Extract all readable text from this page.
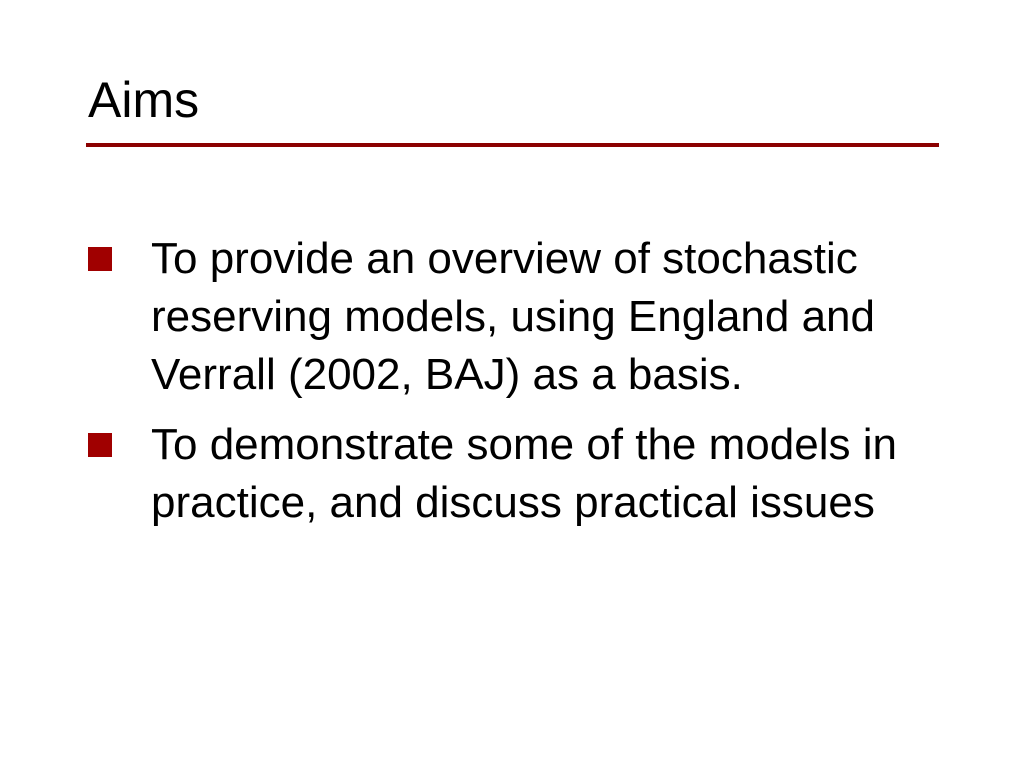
Aims
To provide an overview of stochastic reserving models, using England and Verrall (2002, BAJ) as a basis.
To demonstrate some of the models in practice, and discuss practical issues
